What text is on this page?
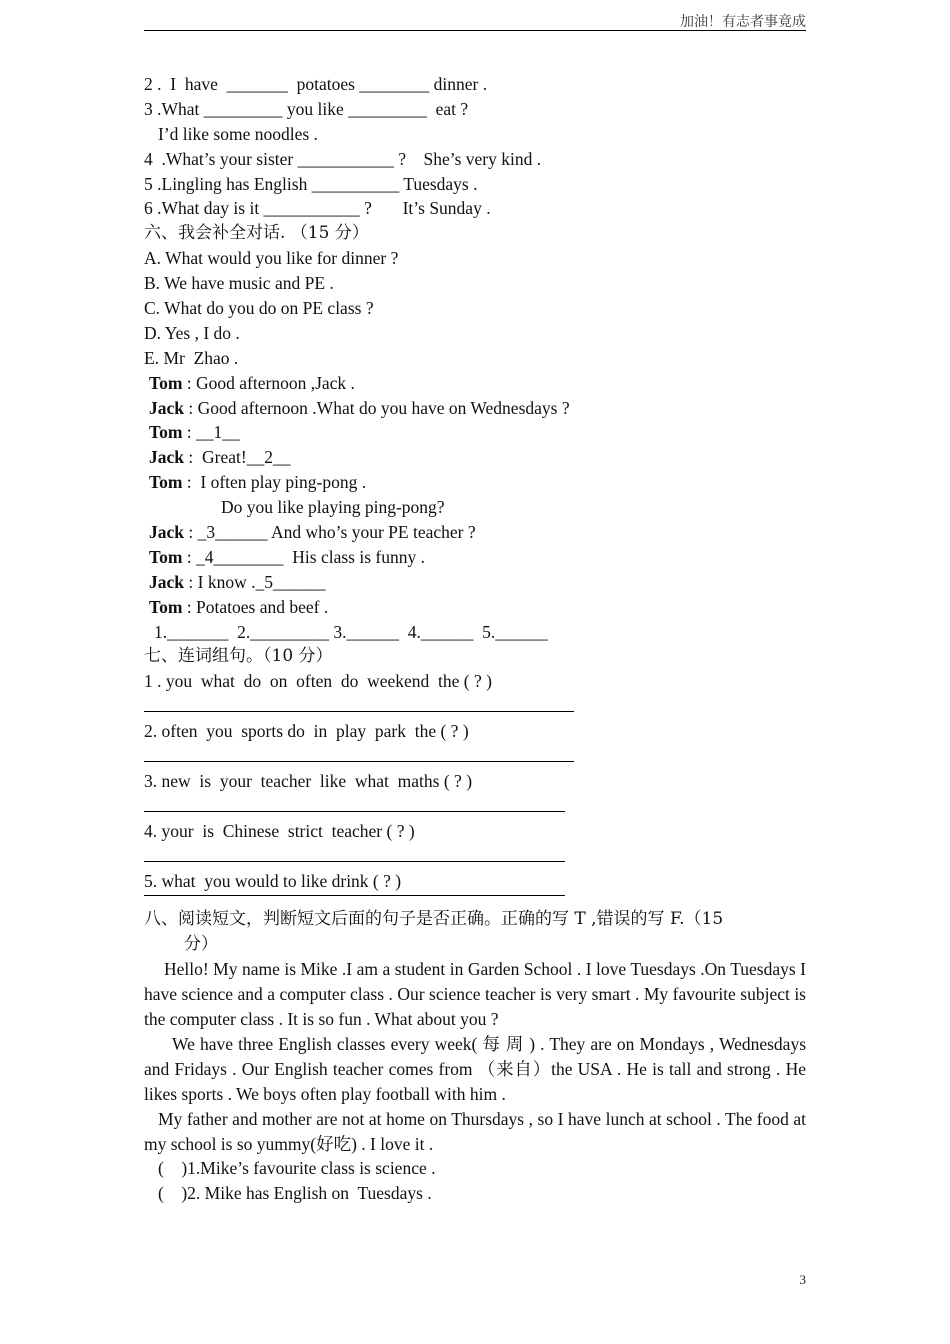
加油！有志者事竟成
2 .  I  have  _______  potatoes ________ dinner .
3 .What _________ you like _________  eat ?
I’d like some noodles .
4  .What’s your sister ___________ ?    She’s very kind .
5 .Lingling has English __________ Tuesdays .
6 .What day is it ___________ ?       It’s Sunday .
六、我会补全对话. （15 分）
A. What would you like for dinner ?
B. We have music and PE .
C. What do you do on PE class ?
D. Yes , I do .
E. Mr  Zhao .
Tom : Good afternoon ,Jack .
Jack : Good afternoon .What do you have on Wednesdays ?
Tom : __1__
Jack :  Great!__2__
Tom :  I often play ping-pong .
Do you like playing ping-pong?
Jack : _3______ And who’s your PE teacher ?
Tom : _4________  His class is funny .
Jack : I know ._5______
Tom : Potatoes and beef .
1._______  2._________ 3.______  4.______  5.______
七、连词组句。（10 分）
1 . you  what  do  on  often  do  weekend  the ( ? )
2. often  you  sports do  in  play  park  the ( ? )
3. new  is  your  teacher  like  what  maths ( ? )
4. your  is  Chinese  strict  teacher ( ? )
5. what  you would to like drink ( ? )
八、阅读短文，判断短文后面的句子是否正确。正确的写 T ,错误的写 F.（15
分）

Hello! My name is Mike .I am a student in Garden School . I love Tuesdays .On Tuesdays I have science and a computer class . Our science teacher is very smart . My favourite subject is the computer class . It is so fun . What about you ?

We have three English classes every week( 每 周 ) . They are on Mondays , Wednesdays and Fridays . Our English teacher comes from （来自）the USA . He is tall and strong . He likes sports . We boys often play football with him .

My father and mother are not at home on Thursdays , so I have lunch at school . The food at my school is so yummy(好吃) . I love it .

(    )1.Mike’s favourite class is science .
(    )2. Mike has English on  Tuesdays .
3
